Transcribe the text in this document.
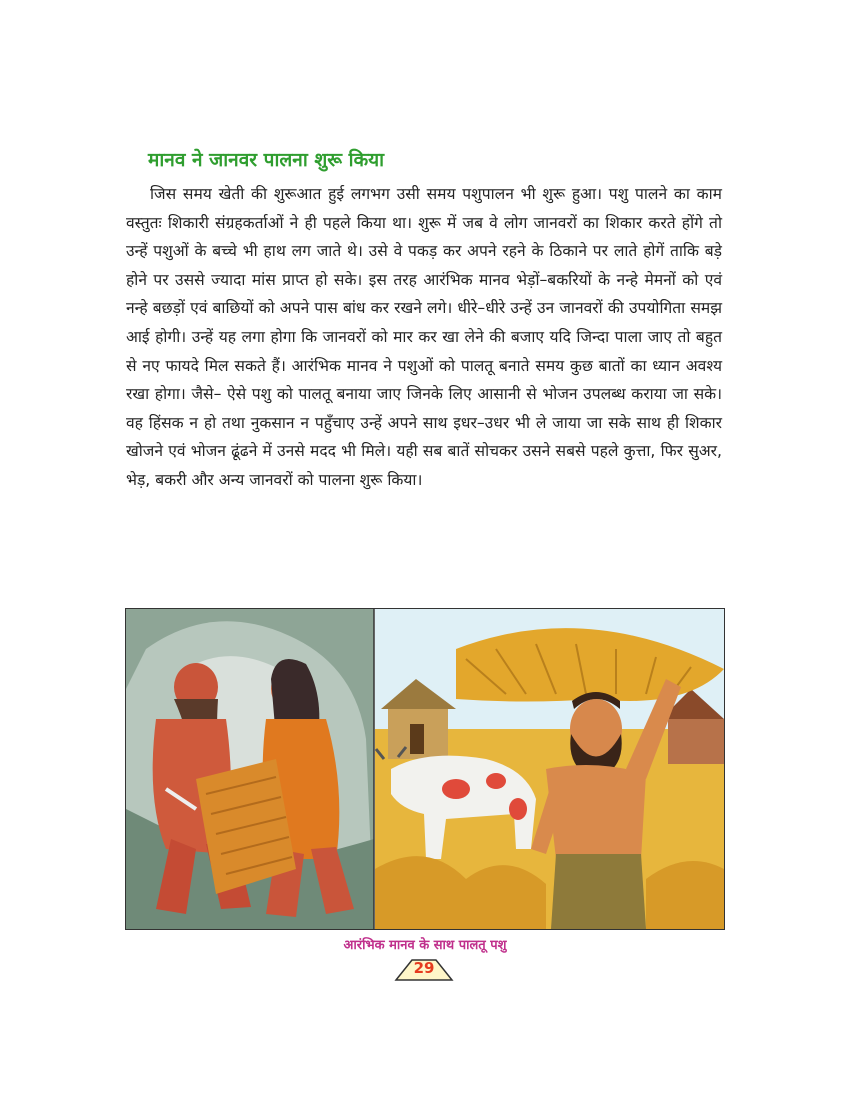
मानव ने जानवर पालना शुरू किया
जिस समय खेती की शुरूआत हुई लगभग उसी समय पशुपालन भी शुरू हुआ। पशु पालने का काम वस्तुतः शिकारी संग्रहकर्ताओं ने ही पहले किया था। शुरू में जब वे लोग जानवरों का शिकार करते होंगे तो उन्हें पशुओं के बच्चे भी हाथ लग जाते थे। उसे वे पकड़ कर अपने रहने के ठिकाने पर लाते होगें ताकि बड़े होने पर उससे ज्यादा मांस प्राप्त हो सके। इस तरह आरंभिक मानव भेड़ों–बकरियों के नन्हे मेमनों को एवं नन्हे बछड़ों एवं बाछियों को अपने पास बांध कर रखने लगे। धीरे–धीरे उन्हें उन जानवरों की उपयोगिता समझ आई होगी। उन्हें यह लगा होगा कि जानवरों को मार कर खा लेने की बजाए यदि जिन्दा पाला जाए तो बहुत से नए फायदे मिल सकते हैं। आरंभिक मानव ने पशुओं को पालतू बनाते समय कुछ बातों का ध्यान अवश्य रखा होगा। जैसे– ऐसे पशु को पालतू बनाया जाए जिनके लिए आसानी से भोजन उपलब्ध कराया जा सके। वह हिंसक न हो तथा नुकसान न पहुँचाए उन्हें अपने साथ इधर–उधर भी ले जाया जा सके साथ ही शिकार खोजने एवं भोजन ढूंढने में उनसे मदद भी मिले। यही सब बातें सोचकर उसने सबसे पहले कुत्ता, फिर सुअर, भेड़, बकरी और अन्य जानवरों को पालना शुरू किया।
आरंभिक मानव के साथ पालतू पशु
29
